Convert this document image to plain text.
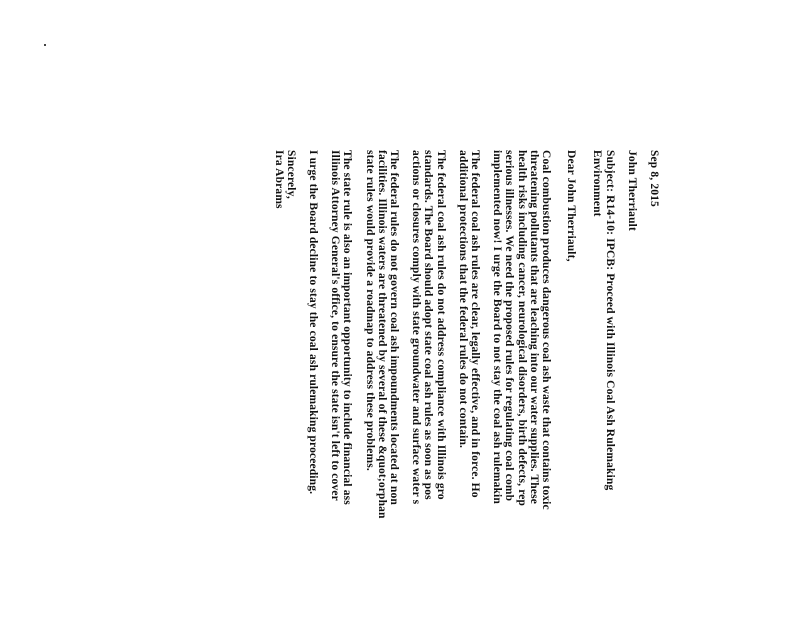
Sep 8, 2015
John Therriault
Subject: R14-10: IPCB: Proceed with Illinois Coal Ash Rulemaking
Environment
Dear John Therriault,
Coal combustion produces dangerous coal ash waste that contains toxic
threatening pollutants that are leaching into our water supplies. These
health risks including cancer, neurological disorders, birth defects, rep
serious illnesses. We need the proposed rules for regulating coal comb
implemented now! I urge the Board to not stay the coal ash rulemakin
The federal coal ash rules are clear, legally effective, and in force. Ho
additional protections that the federal rules do not contain.
The federal coal ash rules do not address compliance with Illinois gro
standards. The Board should adopt state coal ash rules as soon as pos
actions or closures comply with state groundwater and surface water s
The federal rules do not govern coal ash impoundments located at non
facilities. Illinois waters are threatened by several of these &quot;orphan
state rules would provide a roadmap to address these problems.
The state rule is also an important opportunity to include financial ass
Illinois Attorney General's office, to ensure the state isn't left to cover
I urge the Board decline to stay the coal ash rulemaking proceeding.
Sincerely,
Ira Abrams
